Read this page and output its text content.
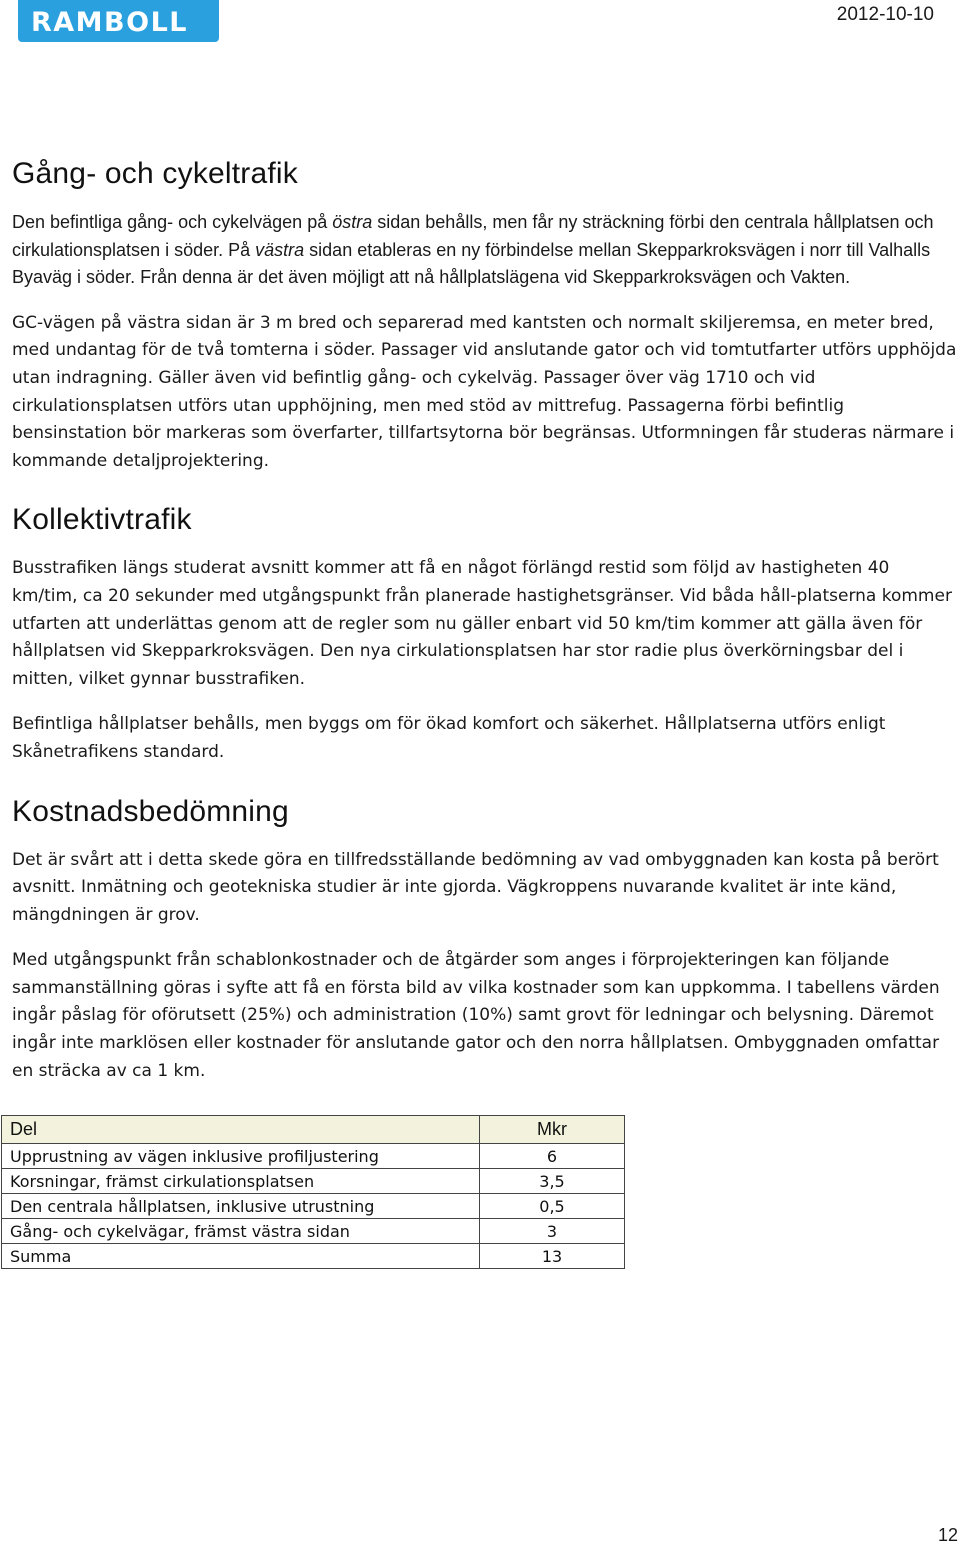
RAMBOLL	2012-10-10
Gång- och cykeltrafik

Den befintliga gång- och cykelvägen på östra sidan behålls, men får ny sträckning förbi den centrala hållplatsen och cirkulationsplatsen i söder. På västra sidan etableras en ny förbindelse mellan Skepparkroksvägen i norr till Valhalls Byaväg i söder. Från denna är det även möjligt att nå hållplatslägena vid Skepparkroksvägen och Vakten.

GC-vägen på västra sidan är 3 m bred och separerad med kantsten och normalt skiljeremsa, en meter bred, med undantag för de två tomterna i söder. Passager vid anslutande gator och vid tomtutfarter utförs upphöjda utan indragning. Gäller även vid befintlig gång- och cykelväg. Passager över väg 1710 och vid cirkulationsplatsen utförs utan upphöjning, men med stöd av mittrefug. Passagerna förbi befintlig bensinstation bör markeras som överfarter, tillfartsytorna bör begränsas. Utformningen får studeras närmare i kommande detaljprojektering.

Kollektivtrafik

Busstrafiken längs studerat avsnitt kommer att få en något förlängd restid som följd av hastigheten 40 km/tim, ca 20 sekunder med utgångspunkt från planerade hastighetsgränser. Vid båda håll-platserna kommer utfarten att underlättas genom att de regler som nu gäller enbart vid 50 km/tim kommer att gälla även för hållplatsen vid Skepparkroksvägen. Den nya cirkulationsplatsen har stor radie plus överkörningsbar del i mitten, vilket gynnar busstrafiken.

Befintliga hållplatser behålls, men byggs om för ökad komfort och säkerhet. Hållplatserna utförs enligt Skånetrafikens standard.

Kostnadsbedömning

Det är svårt att i detta skede göra en tillfredsställande bedömning av vad ombyggnaden kan kosta på berört avsnitt. Inmätning och geotekniska studier är inte gjorda. Vägkroppens nuvarande kvalitet är inte känd, mängdningen är grov.

Med utgångspunkt från schablonkostnader och de åtgärder som anges i förprojekteringen kan följande sammanställning göras i syfte att få en första bild av vilka kostnader som kan uppkomma. I tabellens värden ingår påslag för oförutsett (25%) och administration (10%) samt grovt för ledningar och belysning. Däremot ingår inte marklösen eller kostnader för anslutande gator och den norra hållplatsen. Ombyggnaden omfattar en sträcka av ca 1 km.

Del	Mkr
Upprustning av vägen inklusive profiljustering	6
Korsningar, främst cirkulationsplatsen	3,5
Den centrala hållplatsen, inklusive utrustning	0,5
Gång- och cykelvägar, främst västra sidan	3
Summa	13
12
